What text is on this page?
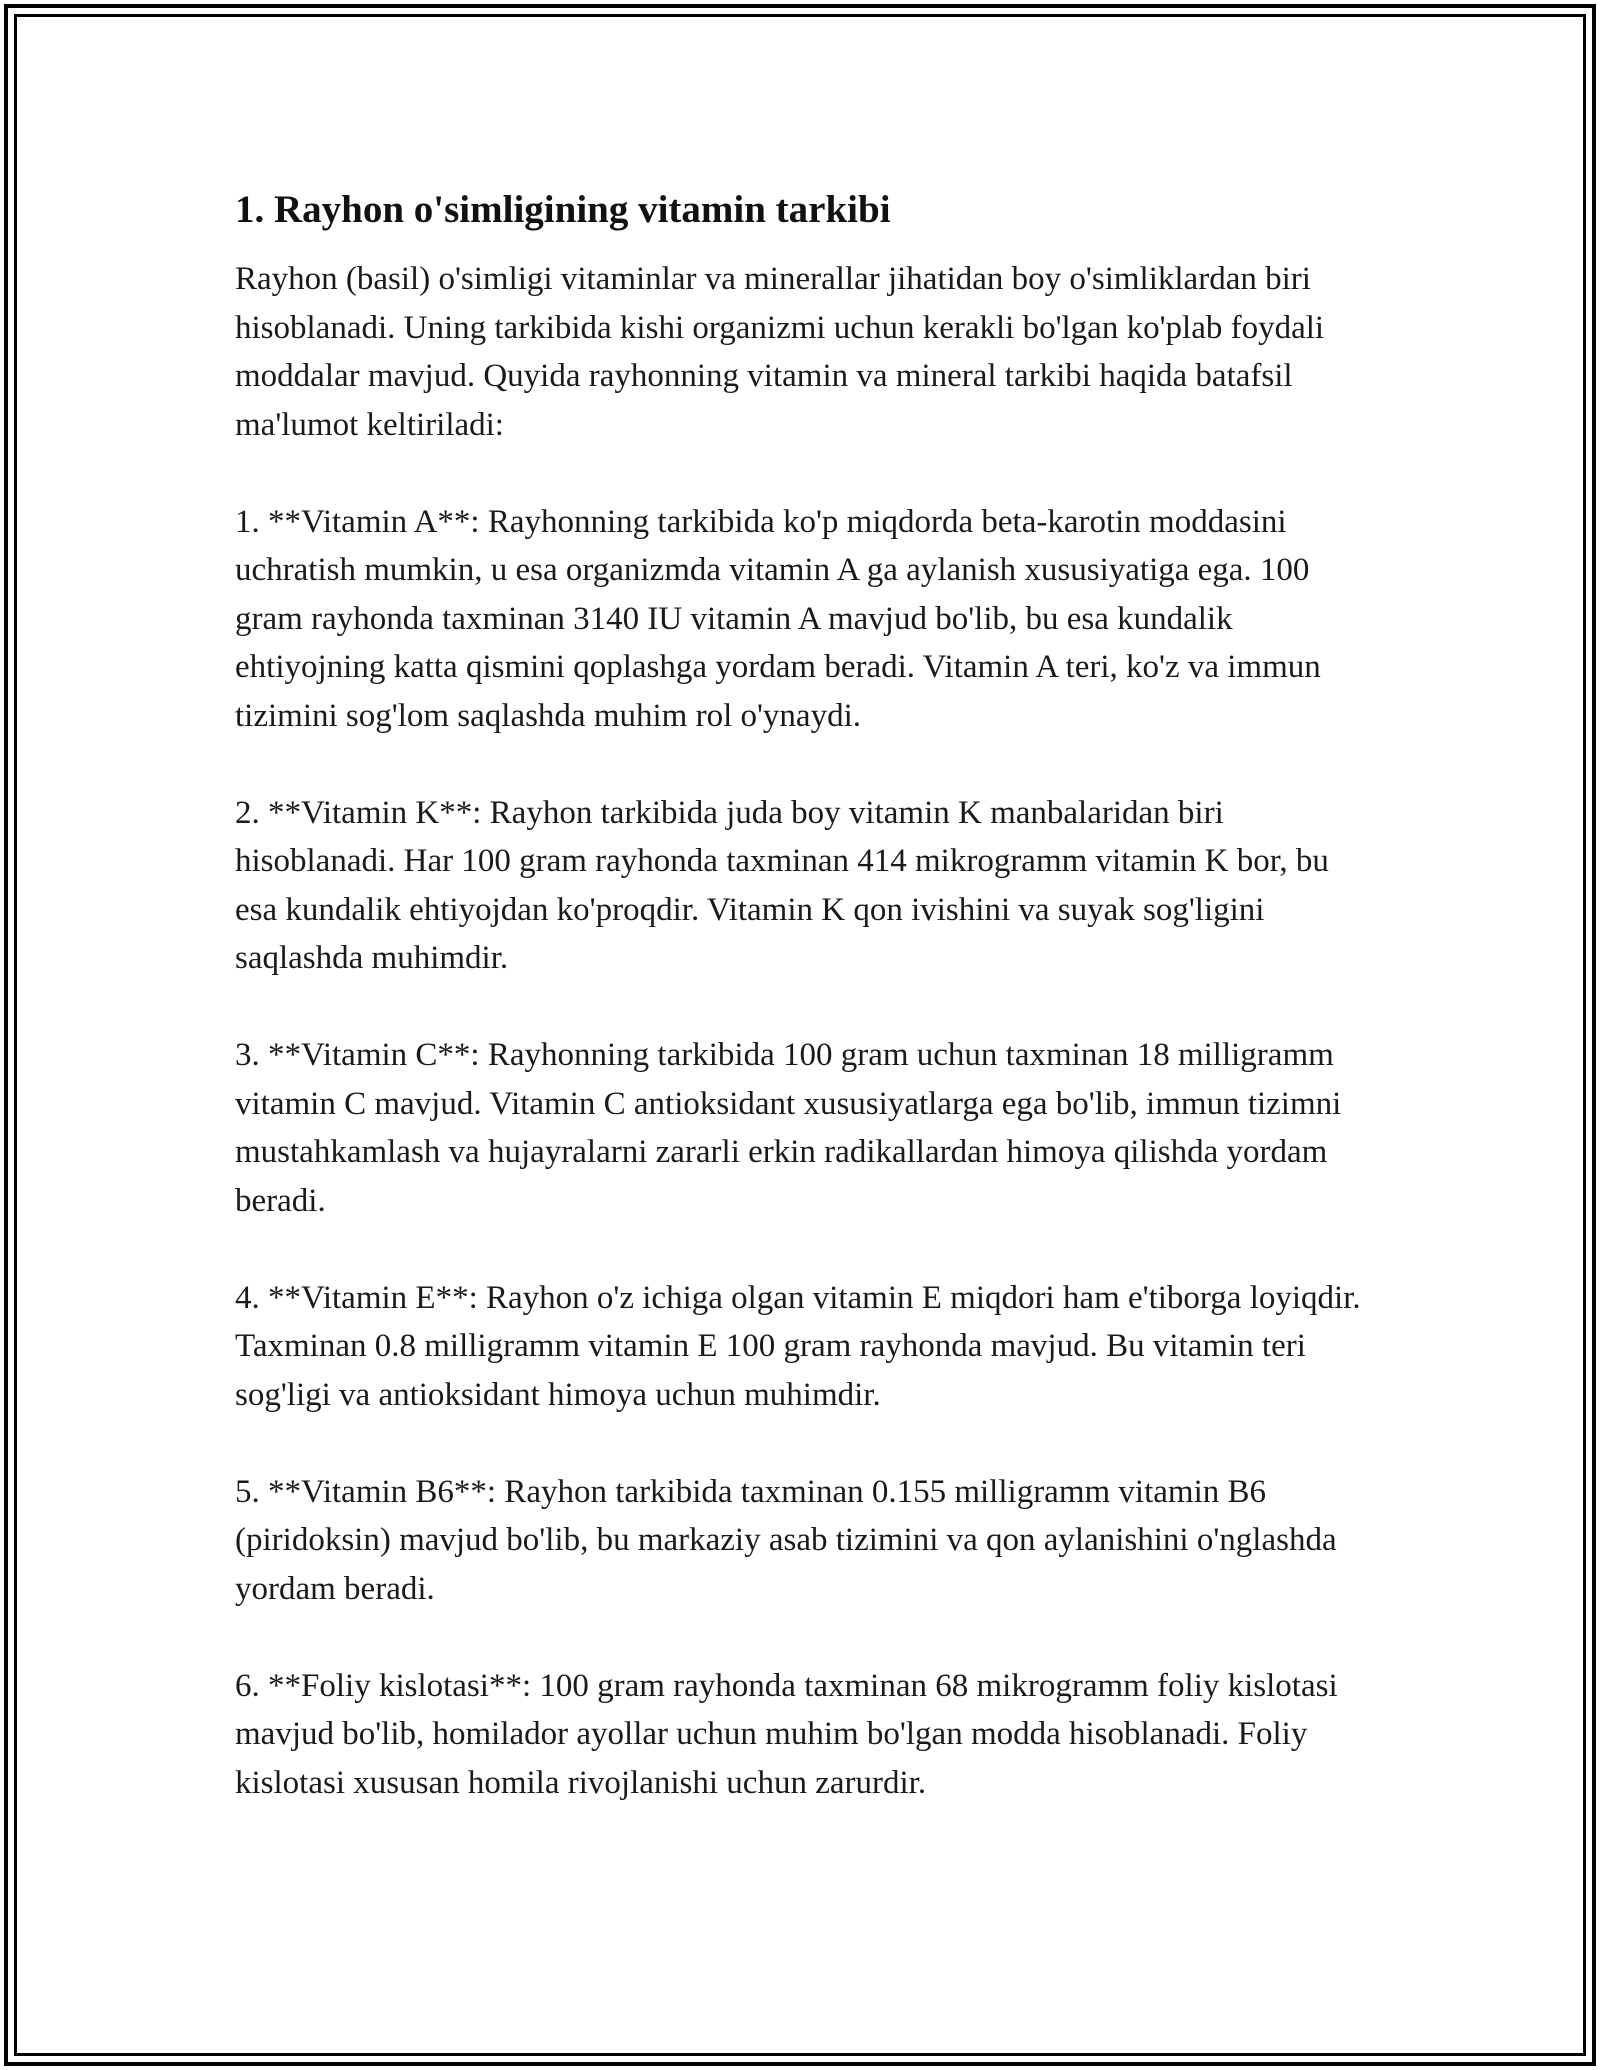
1. Rayhon o'simligining vitamin tarkibi

Rayhon (basil) o'simligi vitaminlar va minerallar jihatidan boy o'simliklardan biri hisoblanadi. Uning tarkibida kishi organizmi uchun kerakli bo'lgan ko'plab foydali moddalar mavjud. Quyida rayhonning vitamin va mineral tarkibi haqida batafsil ma'lumot keltiriladi:

1. **Vitamin A**: Rayhonning tarkibida ko'p miqdorda beta-karotin moddasini uchratish mumkin, u esa organizmda vitamin A ga aylanish xususiyatiga ega. 100 gram rayhonda taxminan 3140 IU vitamin A mavjud bo'lib, bu esa kundalik ehtiyojning katta qismini qoplashga yordam beradi. Vitamin A teri, ko'z va immun tizimini sog'lom saqlashda muhim rol o'ynaydi.

2. **Vitamin K**: Rayhon tarkibida juda boy vitamin K manbalaridan biri hisoblanadi. Har 100 gram rayhonda taxminan 414 mikrogramm vitamin K bor, bu esa kundalik ehtiyojdan ko'proqdir. Vitamin K qon ivishini va suyak sog'ligini saqlashda muhimdir.

3. **Vitamin C**: Rayhonning tarkibida 100 gram uchun taxminan 18 milligramm vitamin C mavjud. Vitamin C antioksidant xususiyatlarga ega bo'lib, immun tizimni mustahkamlash va hujayralarni zararli erkin radikallardan himoya qilishda yordam beradi.

4. **Vitamin E**: Rayhon o'z ichiga olgan vitamin E miqdori ham e'tiborga loyiqdir. Taxminan 0.8 milligramm vitamin E 100 gram rayhonda mavjud. Bu vitamin teri sog'ligi va antioksidant himoya uchun muhimdir.

5. **Vitamin B6**: Rayhon tarkibida taxminan 0.155 milligramm vitamin B6 (piridoksin) mavjud bo'lib, bu markaziy asab tizimini va qon aylanishini o'nglashda yordam beradi.

6. **Foliy kislotasi**: 100 gram rayhonda taxminan 68 mikrogramm foliy kislotasi mavjud bo'lib, homilador ayollar uchun muhim bo'lgan modda hisoblanadi. Foliy kislotasi xususan homila rivojlanishi uchun zarurdir.
